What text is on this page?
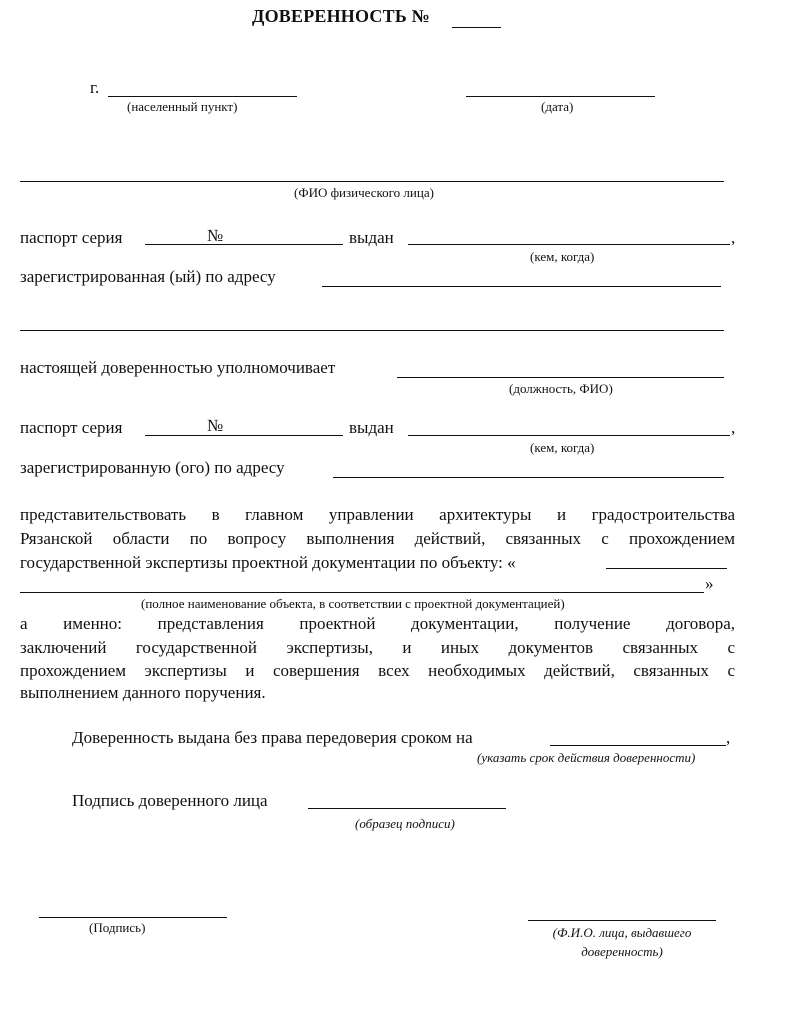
ДОВЕРЕННОСТЬ №
г.
(населенный пункт)	(дата)
(ФИО физического лица)
паспорт серия	№	выдан	,
(кем, когда)
зарегистрированная (ый) по адресу
настоящей доверенностью уполномочивает
(должность, ФИО)
паспорт серия	№	выдан	,
(кем, когда)
зарегистрированную (ого) по адресу
представительствовать в главном управлении архитектуры и градостроительства
Рязанской области по вопросу выполнения действий, связанных с прохождением
государственной экспертизы проектной документации по объекту: «
»
(полное наименование объекта, в соответствии с проектной документацией)
а именно: представления проектной документации, получение договора,
заключений государственной экспертизы, и иных документов связанных с
прохождением экспертизы и совершения всех необходимых действий, связанных с
выполнением данного поручения.
Доверенность выдана без права передоверия сроком на	,
(указать срок действия доверенности)
Подпись доверенного лица
(образец подписи)
(Подпись)	(Ф.И.О. лица, выдавшего
доверенность)
